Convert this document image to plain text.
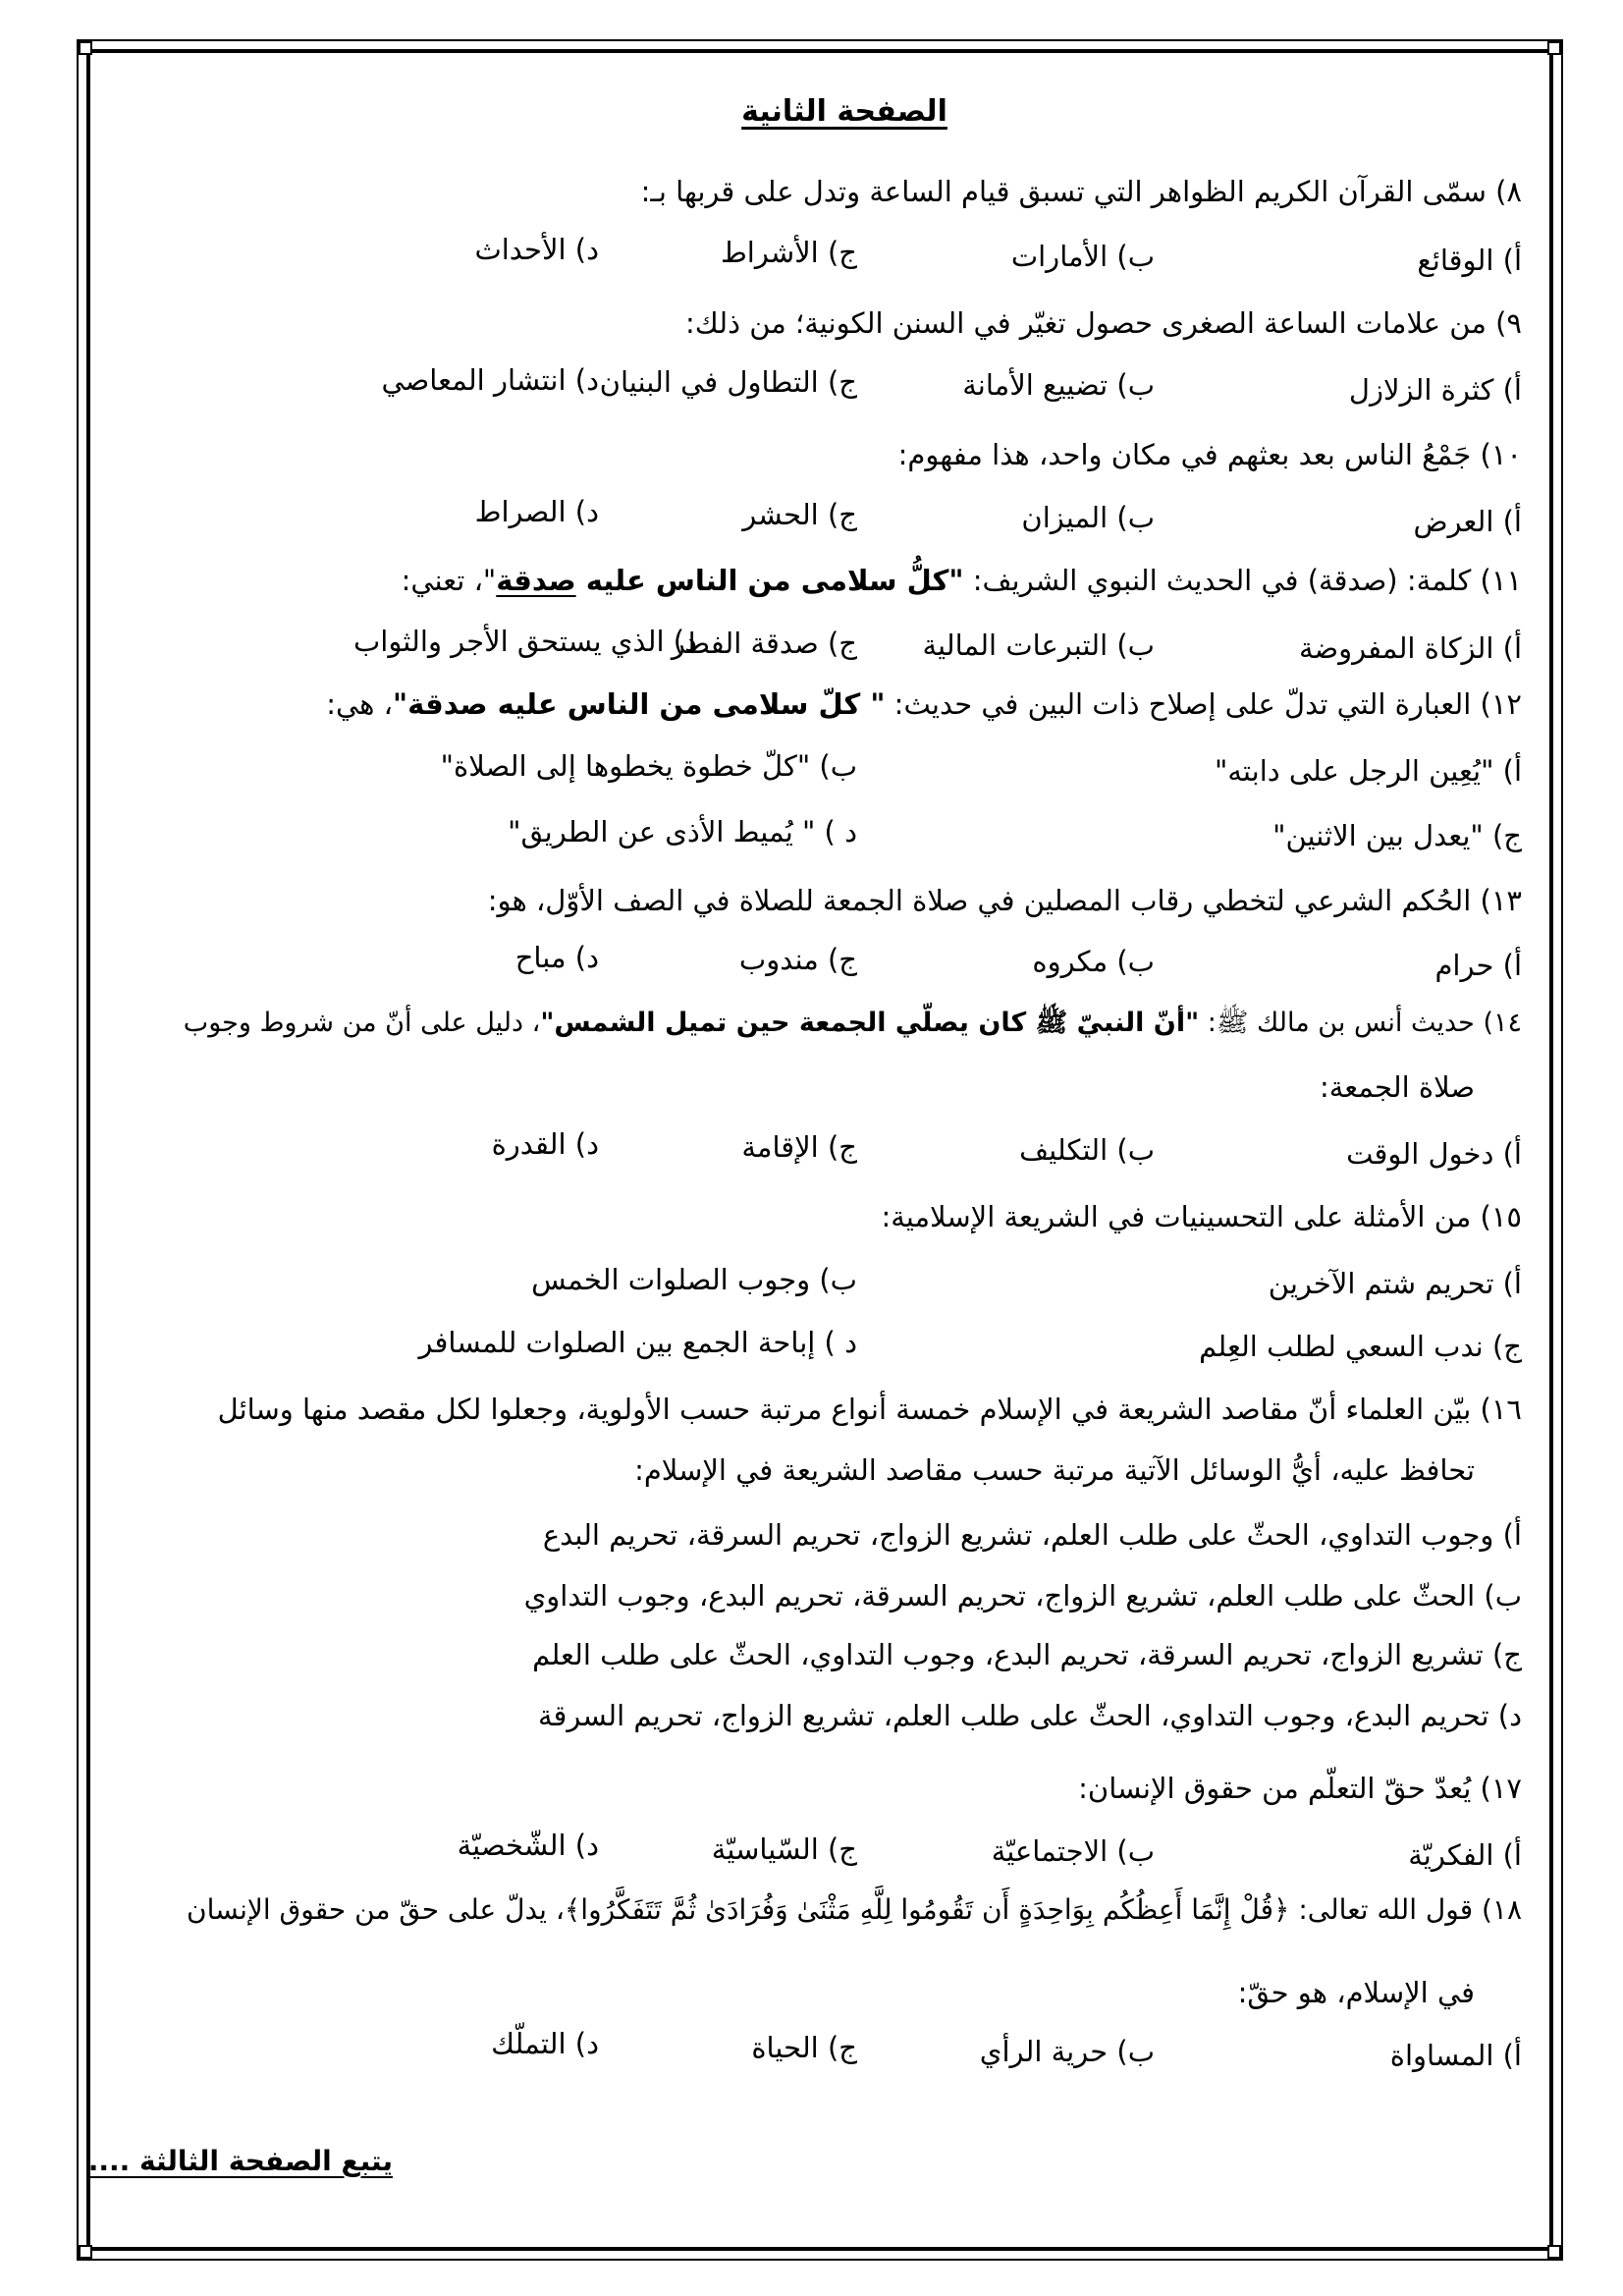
الصفحة الثانية
٨) سمّى القرآن الكريم الظواهر التي تسبق قيام الساعة وتدل على قربها بـ:
أ) الوقائع
ب) الأمارات
ج) الأشراط
د) الأحداث
٩) من علامات الساعة الصغرى حصول تغيّر في السنن الكونية؛ من ذلك:
أ) كثرة الزلازل
ب) تضييع الأمانة
ج) التطاول في البنيان
د) انتشار المعاصي
١٠) جَمْعُ الناس بعد بعثهم في مكان واحد، هذا مفهوم:
أ) العرض
ب) الميزان
ج) الحشر
د) الصراط
١١) كلمة: (صدقة) في الحديث النبوي الشريف: "كلُّ سلامى من الناس عليه صدقة"، تعني:
أ) الزكاة المفروضة
ب) التبرعات المالية
ج) صدقة الفطر
د) الذي يستحق الأجر والثواب
١٢) العبارة التي تدلّ على إصلاح ذات البين في حديث: " كلّ سلامى من الناس عليه صدقة"، هي:
أ) "يُعِين الرجل على دابته"
ب) "كلّ خطوة يخطوها إلى الصلاة"
ج) "يعدل بين الاثنين"
د ) " يُميط الأذى عن الطريق"
١٣) الحُكم الشرعي لتخطي رقاب المصلين في صلاة الجمعة للصلاة في الصف الأوّل، هو:
أ) حرام
ب) مكروه
ج) مندوب
د) مباح
١٤) حديث أنس بن مالك ﷺ: "أنّ النبيّ ﷺ كان يصلّي الجمعة حين تميل الشمس"، دليل على أنّ من شروط وجوب
صلاة الجمعة:
أ) دخول الوقت
ب) التكليف
ج) الإقامة
د) القدرة
١٥) من الأمثلة على التحسينيات في الشريعة الإسلامية:
أ) تحريم شتم الآخرين
ب) وجوب الصلوات الخمس
ج) ندب السعي لطلب العِلم
د ) إباحة الجمع بين الصلوات للمسافر
١٦) بيّن العلماء أنّ مقاصد الشريعة في الإسلام خمسة أنواع مرتبة حسب الأولوية، وجعلوا لكل مقصد منها وسائل
تحافظ عليه، أيُّ الوسائل الآتية مرتبة حسب مقاصد الشريعة في الإسلام:
أ) وجوب التداوي، الحثّ على طلب العلم، تشريع الزواج، تحريم السرقة، تحريم البدع
ب) الحثّ على طلب العلم، تشريع الزواج، تحريم السرقة، تحريم البدع، وجوب التداوي
ج) تشريع الزواج، تحريم السرقة، تحريم البدع، وجوب التداوي، الحثّ على طلب العلم
د) تحريم البدع، وجوب التداوي، الحثّ على طلب العلم، تشريع الزواج، تحريم السرقة
١٧) يُعدّ حقّ التعلّم من حقوق الإنسان:
أ) الفكريّة
ب) الاجتماعيّة
ج) السّياسيّة
د) الشّخصيّة
١٨) قول الله تعالى: ﴿قُلْ إِنَّمَا أَعِظُكُم بِوَاحِدَةٍ أَن تَقُومُوا لِلَّهِ مَثْنَىٰ وَفُرَادَىٰ ثُمَّ تَتَفَكَّرُوا﴾، يدلّ على حقّ من حقوق الإنسان
في الإسلام، هو حقّ:
أ) المساواة
ب) حرية الرأي
ج) الحياة
د) التملّك
يتبع الصفحة الثالثة ....
